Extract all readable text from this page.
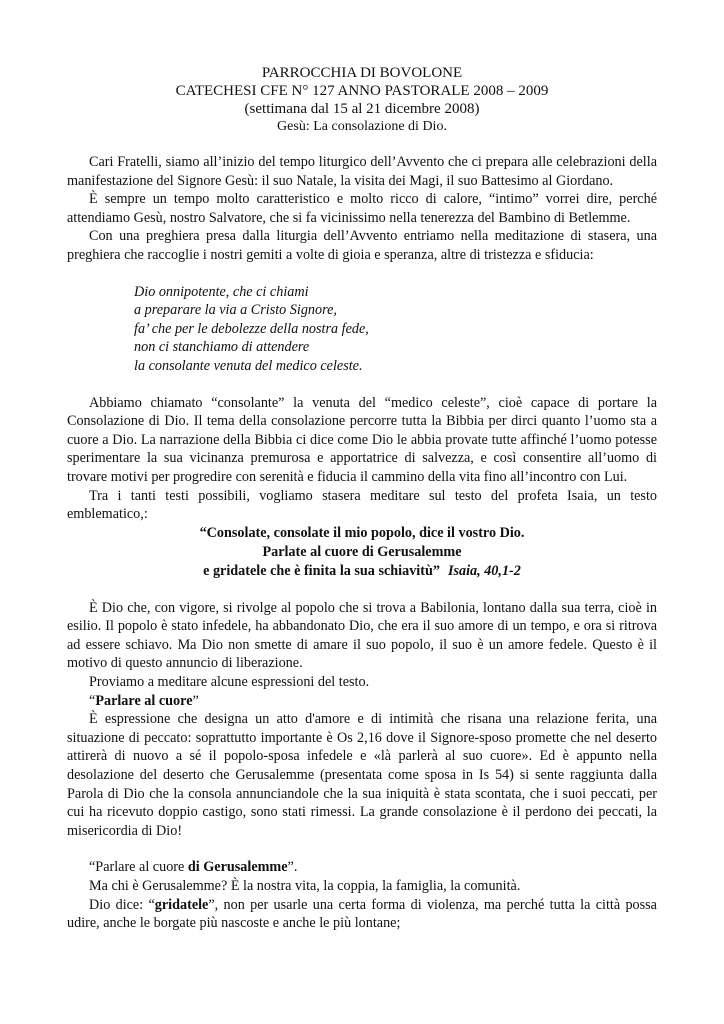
PARROCCHIA DI BOVOLONE
CATECHESI CFE N° 127 ANNO PASTORALE 2008 – 2009
(settimana dal 15 al 21 dicembre 2008)
Gesù: La consolazione di Dio.

Cari Fratelli, siamo all’inizio del tempo liturgico dell’Avvento che ci prepara alle celebrazioni della manifestazione del Signore Gesù: il suo Natale, la visita dei Magi, il suo Battesimo al Giordano.

È sempre un tempo molto caratteristico e molto ricco di calore, “intimo” vorrei dire, perché attendiamo Gesù, nostro Salvatore, che si fa vicinissimo nella tenerezza del Bambino di Betlemme.

Con una preghiera presa dalla liturgia dell’Avvento entriamo nella meditazione di stasera, una preghiera che raccoglie i nostri gemiti a volte di gioia e speranza, altre di tristezza e sfiducia:

Dio onnipotente, che ci chiami
a preparare la via a Cristo Signore,
fa’ che per le debolezze della nostra fede,
non ci stanchiamo di attendere
la consolante venuta del medico celeste.

Abbiamo chiamato “consolante” la venuta del “medico celeste”, cioè capace di portare la Consolazione di Dio. Il tema della consolazione percorre tutta la Bibbia per dirci quanto l’uomo sta a cuore a Dio. La narrazione della Bibbia ci dice come Dio le abbia provate tutte affinché l’uomo potesse sperimentare la sua vicinanza premurosa e apportatrice di salvezza, e così consentire all’uomo di trovare motivi per progredire con serenità e fiducia il cammino della vita fino all’incontro con Lui.

Tra i tanti testi possibili, vogliamo stasera meditare sul testo del profeta Isaia, un testo emblematico,:

“Consolate, consolate il mio popolo, dice il vostro Dio.
Parlate al cuore di Gerusalemme
e gridatele che è finita la sua schiavitù” Isaia, 40,1-2

È Dio che, con vigore, si rivolge al popolo che si trova a Babilonia, lontano dalla sua terra, cioè in esilio. Il popolo è stato infedele, ha abbandonato Dio, che era il suo amore di un tempo, e ora si ritrova ad essere schiavo. Ma Dio non smette di amare il suo popolo, il suo è un amore fedele. Questo è il motivo di questo annuncio di liberazione.

Proviamo a meditare alcune espressioni del testo.

“Parlare al cuore”

È espressione che designa un atto d'amore e di intimità che risana una relazione ferita, una situazione di peccato: soprattutto importante è Os 2,16 dove il Signore-sposo promette che nel deserto attirerà di nuovo a sé il popolo-sposa infedele e «là parlerà al suo cuore». Ed è appunto nella desolazione del deserto che Gerusalemme (presentata come sposa in Is 54) si sente raggiunta dalla Parola di Dio che la consola annunciandole che la sua iniquità è stata scontata, che i suoi peccati, per cui ha ricevuto doppio castigo, sono stati rimessi. La grande consolazione è il perdono dei peccati, la misericordia di Dio!

“Parlare al cuore di Gerusalemme”.

Ma chi è Gerusalemme? È la nostra vita, la coppia, la famiglia, la comunità.

Dio dice: “gridatele”, non per usarle una certa forma di violenza, ma perché tutta la città possa udire, anche le borgate più nascoste e anche le più lontane;
